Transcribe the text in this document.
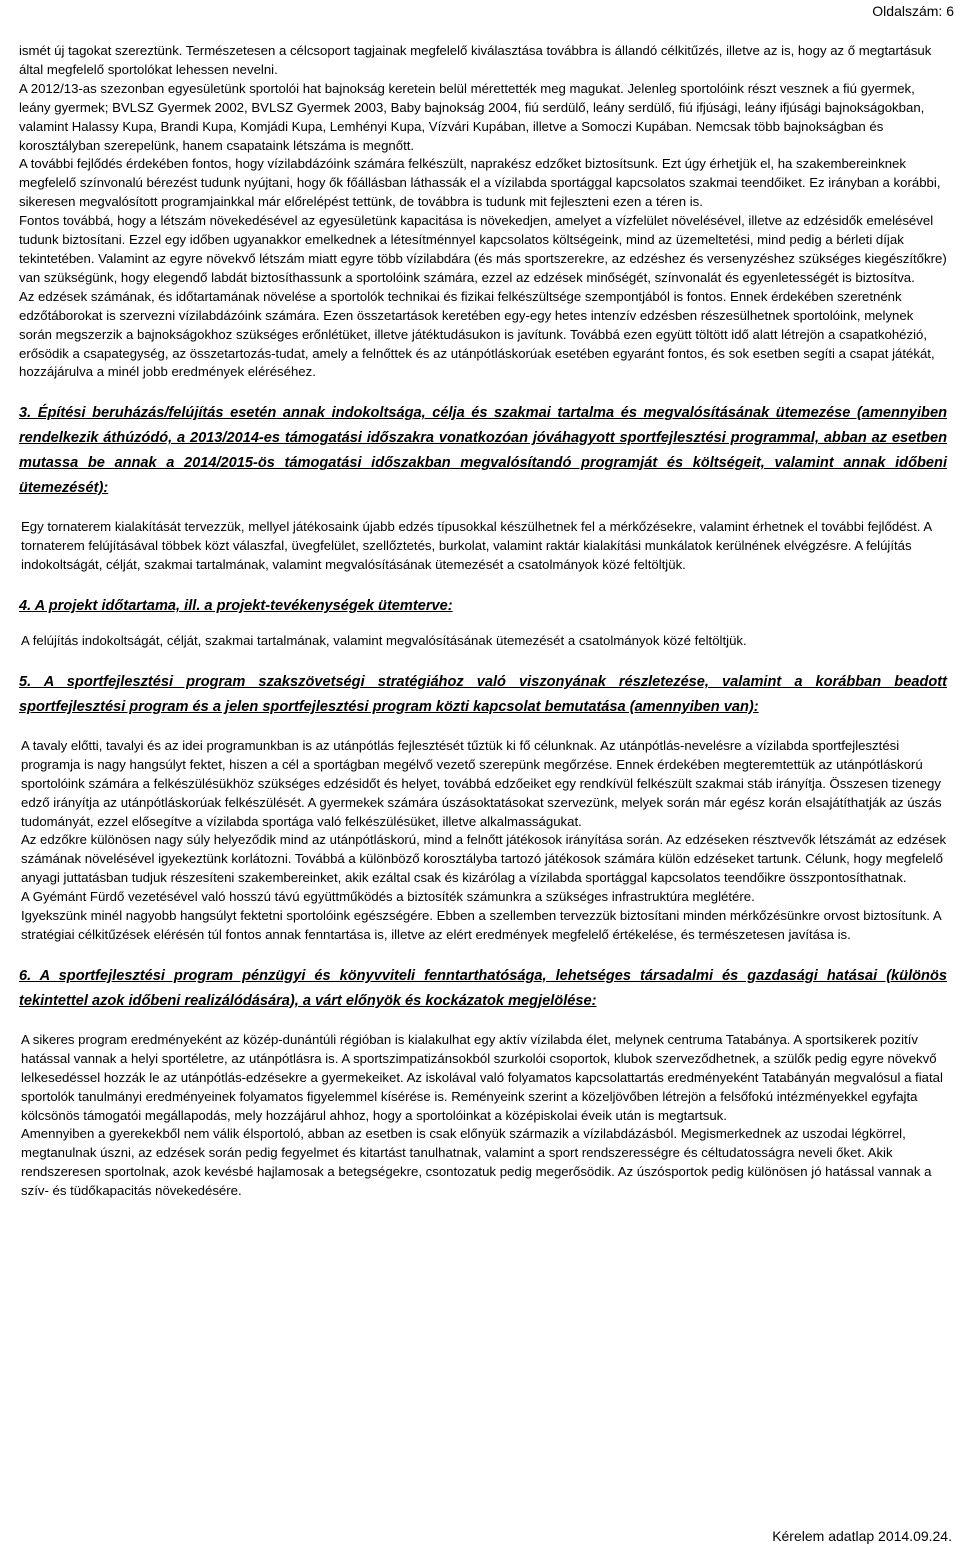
Oldalszám: 6

ismét új tagokat szereztünk. Természetesen a célcsoport tagjainak megfelelő kiválasztása továbbra is állandó célkitűzés, illetve az is, hogy az ő megtartásuk által megfelelő sportolókat lehessen nevelni.

A 2012/13-as szezonban egyesületünk sportolói hat bajnokság keretein belül mérettették meg magukat. Jelenleg sportolóink részt vesznek a fiú gyermek, leány gyermek; BVLSZ Gyermek 2002, BVLSZ Gyermek 2003, Baby bajnokság 2004, fiú serdülő, leány serdülő, fiú ifjúsági, leány ifjúsági bajnokságokban, valamint Halassy Kupa, Brandi Kupa, Komjádi Kupa, Lemhényi Kupa, Vízvári Kupában, illetve a Somoczi Kupában. Nemcsak több bajnokságban és korosztályban szerepelünk, hanem csapataink létszáma is megnőtt.

A további fejlődés érdekében fontos, hogy vízilabdázóink számára felkészült, naprakész edzőket biztosítsunk. Ezt úgy érhetjük el, ha szakembereinknek megfelelő színvonalú bérezést tudunk nyújtani, hogy ők főállásban láthassák el a vízilabda sportággal kapcsolatos szakmai teendőiket. Ez irányban a korábbi, sikeresen megvalósított programjainkkal már előrelépést tettünk, de továbbra is tudunk mit fejleszteni ezen a téren is.

Fontos továbbá, hogy a létszám növekedésével az egyesületünk kapacitása is növekedjen, amelyet a vízfelület növelésével, illetve az edzésidők emelésével tudunk biztosítani. Ezzel egy időben ugyanakkor emelkednek a létesítménnyel kapcsolatos költségeink, mind az üzemeltetési, mind pedig a bérleti díjak tekintetében. Valamint az egyre növekvő létszám miatt egyre több vízilabdára (és más sportszerekre, az edzéshez és versenyzéshez szükséges kiegészítőkre) van szükségünk, hogy elegendő labdát biztosíthassunk a sportolóink számára, ezzel az edzések minőségét, színvonalát és egyenletességét is biztosítva.

Az edzések számának, és időtartamának növelése a sportolók technikai és fizikai felkészültsége szempontjából is fontos. Ennek érdekében szeretnénk edzőtáborokat is szervezni vízilabdázóink számára. Ezen összetartások keretében egy-egy hetes intenzív edzésben részesülhetnek sportolóink, melynek során megszerzik a bajnokságokhoz szükséges erőnlétüket, illetve játéktudásukon is javítunk. Továbbá ezen együtt töltött idő alatt létrejön a csapatkohézió, erősödik a csapategység, az összetartozás-tudat, amely a felnőttek és az utánpótláskorúak esetében egyaránt fontos, és sok esetben segíti a csapat játékát, hozzájárulva a minél jobb eredmények eléréséhez.

3. Építési beruházás/felújítás esetén annak indokoltsága, célja és szakmai tartalma és megvalósításának ütemezése (amennyiben rendelkezik áthúzódó, a 2013/2014-es támogatási időszakra vonatkozóan jóváhagyott sportfejlesztési programmal, abban az esetben mutassa be annak a 2014/2015-ös támogatási időszakban megvalósítandó programját és költségeit, valamint annak időbeni ütemezését):

Egy tornaterem kialakítását tervezzük, mellyel játékosaink újabb edzés típusokkal készülhetnek fel a mérkőzésekre, valamint érhetnek el további fejlődést. A tornaterem felújításával többek közt válaszfal, üvegfelület, szellőztetés, burkolat, valamint raktár kialakítási munkálatok kerülnének elvégzésre. A felújítás indokoltságát, célját, szakmai tartalmának, valamint megvalósításának ütemezését a csatolmányok közé feltöltjük.

4. A projekt időtartama, ill. a projekt-tevékenységek ütemterve:

A felújítás indokoltságát, célját, szakmai tartalmának, valamint megvalósításának ütemezését a csatolmányok közé feltöltjük.

5. A sportfejlesztési program szakszövetségi stratégiához való viszonyának részletezése, valamint a korábban beadott sportfejlesztési program és a jelen sportfejlesztési program közti kapcsolat bemutatása (amennyiben van):

A tavaly előtti, tavalyi és az idei programunkban is az utánpótlás fejlesztését tűztük ki fő célunknak. Az utánpótlás-nevelésre a vízilabda sportfejlesztési programja is nagy hangsúlyt fektet, hiszen a cél a sportágban megélvő vezető szerepünk megőrzése. Ennek érdekében megteremtettük az utánpótláskorú sportolóink számára a felkészülésükhöz szükséges edzésidőt és helyet, továbbá edzőeiket egy rendkívül felkészült szakmai stáb irányítja. Összesen tizenegy edző irányítja az utánpótláskorúak felkészülését. A gyermekek számára úszásoktatásokat szervezünk, melyek során már egész korán elsajátíthatják az úszás tudományát, ezzel elősegítve a vízilabda sportága való felkészülésüket, illetve alkalmasságukat.

Az edzőkre különösen nagy súly helyeződik mind az utánpótláskorú, mind a felnőtt játékosok irányítása során. Az edzéseken résztvevők létszámát az edzések számának növelésével igyekeztünk korlátozni. Továbbá a különböző korosztályba tartozó játékosok számára külön edzéseket tartunk. Célunk, hogy megfelelő anyagi juttatásban tudjuk részesíteni szakembereinket, akik ezáltal csak és kizárólag a vízilabda sportággal kapcsolatos teendőikre összpontosíthatnak.

A Gyémánt Fürdő vezetésével való hosszú távú együttműködés a biztosíték számunkra a szükséges infrastruktúra meglétére.

Igyekszünk minél nagyobb hangsúlyt fektetni sportolóink egészségére. Ebben a szellemben tervezzük biztosítani minden mérkőzésünkre orvost biztosítunk. A stratégiai célkitűzések elérésén túl fontos annak fenntartása is, illetve az elért eredmények megfelelő értékelése, és természetesen javítása is.

6. A sportfejlesztési program pénzügyi és könyvviteli fenntarthatósága, lehetséges társadalmi és gazdasági hatásai (különös tekintettel azok időbeni realizálódására), a várt előnyök és kockázatok megjelölése:

A sikeres program eredményeként az közép-dunántúli régióban is kialakulhat egy aktív vízilabda élet, melynek centruma Tatabánya. A sportsikerek pozitív hatással vannak a helyi sportéletre, az utánpótlásra is. A sportszimpatizánsokból szurkolói csoportok, klubok szerveződhetnek, a szülők pedig egyre növekvő lelkesedéssel hozzák le az utánpótlás-edzésekre a gyermekeiket. Az iskolával való folyamatos kapcsolattartás eredményeként Tatabányán megvalósul a fiatal sportolók tanulmányi eredményeinek folyamatos figyelemmel kísérése is. Reményeink szerint a közeljövőben létrejön a felsőfokú intézményekkel egyfajta kölcsönös támogatói megállapodás, mely hozzájárul ahhoz, hogy a sportolóinkat a középiskolai éveik után is megtartsuk.

Amennyiben a gyerekekből nem válik élsportoló, abban az esetben is csak előnyük származik a vízilabdázásból. Megismerkednek az uszodai légkörrel, megtanulnak úszni, az edzések során pedig fegyelmet és kitartást tanulhatnak, valamint a sport rendszerességre és céltudatosságra neveli őket. Akik rendszeresen sportolnak, azok kevésbé hajlamosak a betegségekre, csontozatuk pedig megerősödik. Az úszósportok pedig különösen jó hatással vannak a szív- és tüdőkapacitás növekedésére.

Kérelem adatlap 2014.09.24.
